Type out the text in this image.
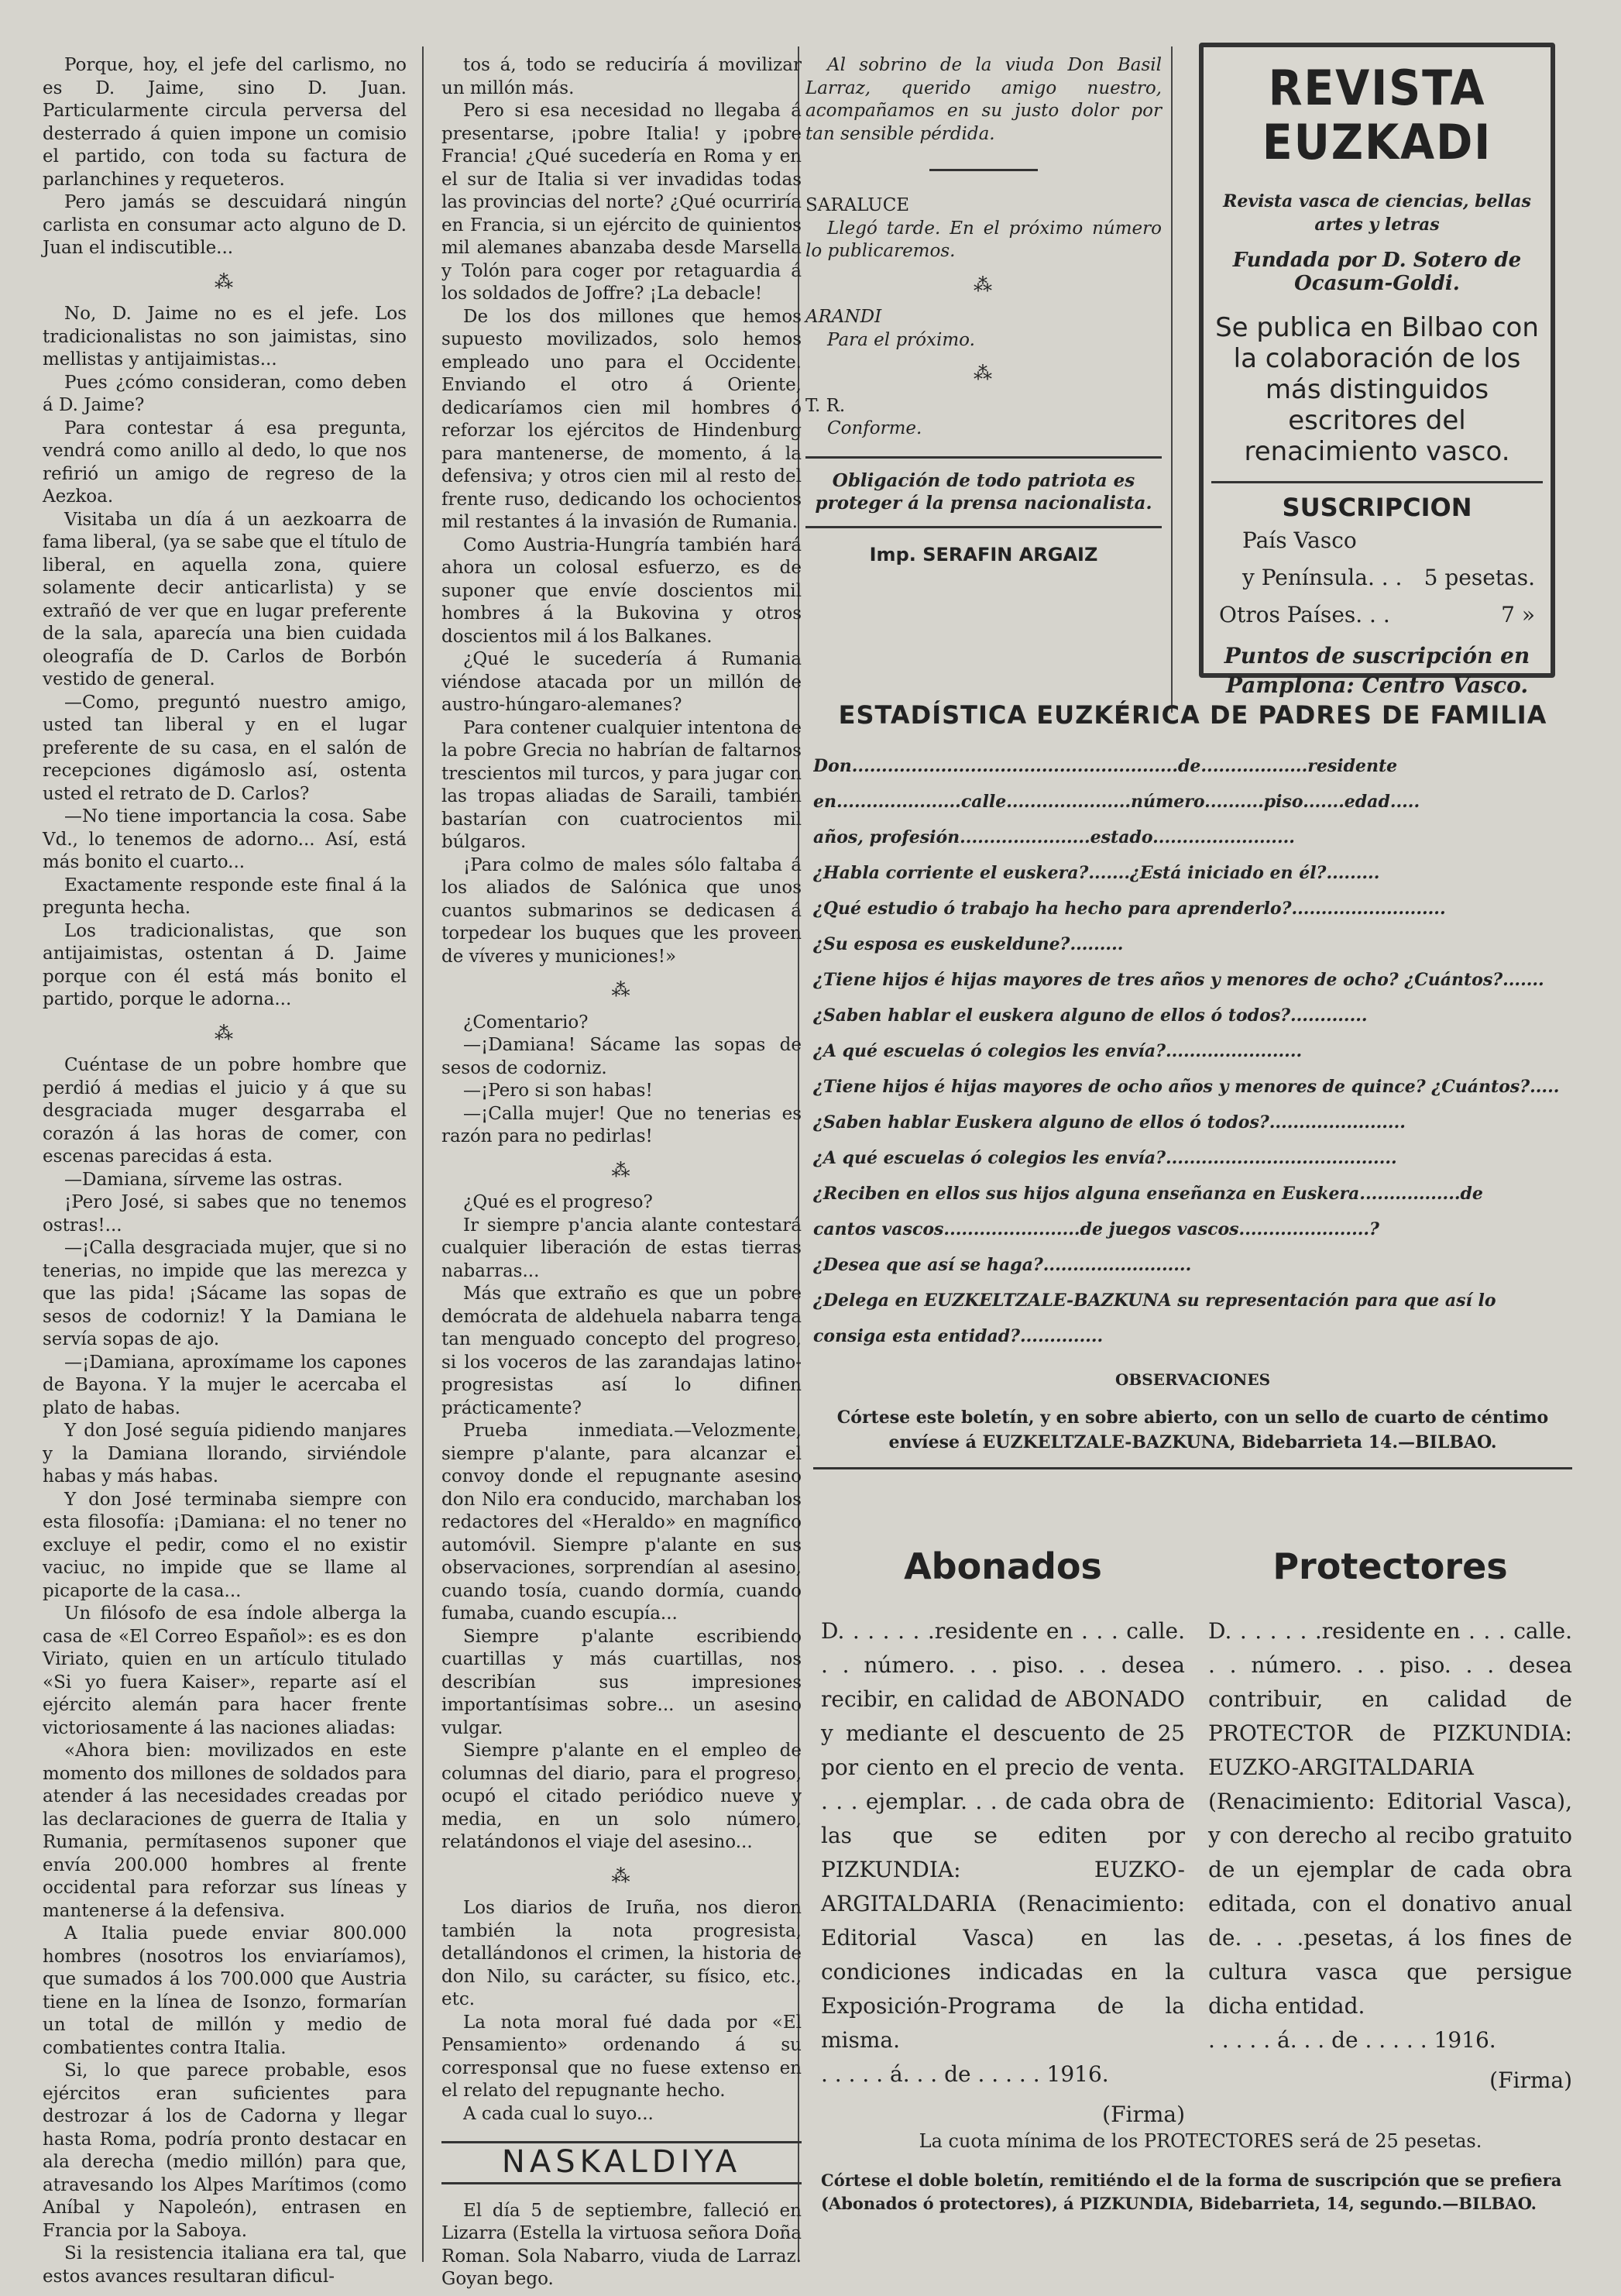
Porque, hoy, el jefe del carlismo, no es D. Jaime, sino D. Juan. Particularmente circula perversa del desterrado á quien impone un comisio el partido, con toda su factura de parlanchines y requeteros.

Pero jamás se descuidará ningún carlista en consumar acto alguno de D. Juan el indiscutible...

⁂

No, D. Jaime no es el jefe. Los tradicionalistas no son jaimistas, sino mellistas y antijaimistas...

Pues ¿cómo consideran, como deben á D. Jaime?

Para contestar á esa pregunta, vendrá como anillo al dedo, lo que nos refirió un amigo de regreso de la Aezkoa.

Visitaba un día á un aezkoarra de fama liberal, (ya se sabe que el título de liberal, en aquella zona, quiere solamente decir anticarlista) y se extrañó de ver que en lugar preferente de la sala, aparecía una bien cuidada oleografía de D. Carlos de Borbón vestido de general.

—Como, preguntó nuestro amigo, usted tan liberal y en el lugar preferente de su casa, en el salón de recepciones digámoslo así, ostenta usted el retrato de D. Carlos?

—No tiene importancia la cosa. Sabe Vd., lo tenemos de adorno... Así, está más bonito el cuarto...

Exactamente responde este final á la pregunta hecha.

Los tradicionalistas, que son antijaimistas, ostentan á D. Jaime porque con él está más bonito el partido, porque le adorna...

⁂

Cuéntase de un pobre hombre que perdió á medias el juicio y á que su desgraciada muger desgarraba el corazón á las horas de comer, con escenas parecidas á esta.

—Damiana, sírveme las ostras.

¡Pero José, si sabes que no tenemos ostras!...

—¡Calla desgraciada mujer, que si no tenerias, no impide que las merezca y que las pida! ¡Sácame las sopas de sesos de codorniz! Y la Damiana le servía sopas de ajo.

—¡Damiana, aproxímame los capones de Bayona. Y la mujer le acercaba el plato de habas.

Y don José seguía pidiendo manjares y la Damiana llorando, sirviéndole habas y más habas.

Y don José terminaba siempre con esta filosofía: ¡Damiana: el no tener no excluye el pedir, como el no existir vaciuc, no impide que se llame al picaporte de la casa...

Un filósofo de esa índole alberga la casa de «El Correo Español»: es es don Viriato, quien en un artículo titulado «Si yo fuera Kaiser», reparte así el ejército alemán para hacer frente victoriosamente á las naciones aliadas:

«Ahora bien: movilizados en este momento dos millones de soldados para atender á las necesidades creadas por las declaraciones de guerra de Italia y Rumania, permítasenos suponer que envía 200.000 hombres al frente occidental para reforzar sus líneas y mantenerse á la defensiva.

A Italia puede enviar 800.000 hombres (nosotros los enviaríamos), que sumados á los 700.000 que Austria tiene en la línea de Isonzo, formarían un total de millón y medio de combatientes contra Italia.

Si, lo que parece probable, esos ejércitos eran suficientes para destrozar á los de Cadorna y llegar hasta Roma, podría pronto destacar en ala derecha (medio millón) para que, atravesando los Alpes Marítimos (como Aníbal y Napoleón), entrasen en Francia por la Saboya.

Si la resistencia italiana era tal, que estos avances resultaran dificul-

tos á, todo se reduciría á movilizar un millón más.

Pero si esa necesidad no llegaba á presentarse, ¡pobre Italia! y ¡pobre Francia! ¿Qué sucedería en Roma y en el sur de Italia si ver invadidas todas las provincias del norte? ¿Qué ocurriría en Francia, si un ejército de quinientos mil alemanes abanzaba desde Marsella y Tolón para coger por retaguardia á los soldados de Joffre? ¡La debacle!

De los dos millones que hemos supuesto movilizados, solo hemos empleado uno para el Occidente. Enviando el otro á Oriente, dedicaríamos cien mil hombres ó reforzar los ejércitos de Hindenburg para mantenerse, de momento, á la defensiva; y otros cien mil al resto del frente ruso, dedicando los ochocientos mil restantes á la invasión de Rumania.

Como Austria-Hungría también hará ahora un colosal esfuerzo, es de suponer que envíe doscientos mil hombres á la Bukovina y otros doscientos mil á los Balkanes.

¿Qué le sucedería á Rumania viéndose atacada por un millón de austro-húngaro-alemanes?

Para contener cualquier intentona de la pobre Grecia no habrían de faltarnos trescientos mil turcos, y para jugar con las tropas aliadas de Saraili, también bastarían con cuatrocientos mil búlgaros.

¡Para colmo de males sólo faltaba á los aliados de Salónica que unos cuantos submarinos se dedicasen á torpedear los buques que les proveen de víveres y municiones!»

⁂

¿Comentario?

—¡Damiana! Sácame las sopas de sesos de codorniz.

—¡Pero si son habas!

—¡Calla mujer! Que no tenerias es razón para no pedirlas!

⁂

¿Qué es el progreso?

Ir siempre p'ancia alante contestará cualquier liberación de estas tierras nabarras...

Más que extraño es que un pobre demócrata de aldehuela nabarra tenga tan menguado concepto del progreso, si los voceros de las zarandajas latino-progresistas así lo difinen prácticamente?

Prueba inmediata.—Velozmente, siempre p'alante, para alcanzar el convoy donde el repugnante asesino don Nilo era conducido, marchaban los redactores del «Heraldo» en magnífico automóvil. Siempre p'alante en sus observaciones, sorprendían al asesino, cuando tosía, cuando dormía, cuando fumaba, cuando escupía...

Siempre p'alante escribiendo cuartillas y más cuartillas, nos describían sus impresiones importantísimas sobre... un asesino vulgar.

Siempre p'alante en el empleo de columnas del diario, para el progreso, ocupó el citado periódico nueve y media, en un solo número, relatándonos el viaje del asesino...

⁂

Los diarios de Iruña, nos dieron también la nota progresista, detallándonos el crimen, la historia de don Nilo, su carácter, su físico, etc., etc.

La nota moral fué dada por «El Pensamiento» ordenando á su corresponsal que no fuese extenso en el relato del repugnante hecho.

A cada cual lo suyo...

NASKALDIYA

El día 5 de septiembre, falleció en Lizarra (Estella la virtuosa señora Doña Roman. Sola Nabarro, viuda de Larraz. Goyan bego.

Al sobrino de la viuda Don Basil Larraz, querido amigo nuestro, acompañamos en su justo dolor por tan sensible pérdida.

SARALUCE

Llegó tarde. En el próximo número lo publicaremos.

⁂
ARANDI

Para el próximo.

⁂
T. R.

Conforme.

Obligación de todo patriota es proteger á la prensa nacionalista.

Imp. SERAFIN ARGAIZ
REVISTA EUZKADI
Revista vasca de ciencias, bellas artes y letras
Fundada por D. Sotero de Ocasum-Goldi.
Se publica en Bilbao con la colaboración de los más distinguidos escritores del renacimiento vasco.
SUSCRIPCION
País Vasco
y Península. . . 5 pesetas.
Otros Países. . .	7 »
Puntos de suscripción en Pamplona: Centro Vasco.
ESTADÍSTICA EUZKÉRICA DE PADRES DE FAMILIA
Don.......................................................de..................residente
en.....................calle.....................número..........piso.......edad.....
años, profesión......................estado........................
¿Habla corriente el euskera?.......¿Está iniciado en él?.........
¿Qué estudio ó trabajo ha hecho para aprenderlo?..........................
¿Su esposa es euskeldune?.........
¿Tiene hijos é hijas mayores de tres años y menores de ocho? ¿Cuántos?.......
¿Saben hablar el euskera alguno de ellos ó todos?.............
¿A qué escuelas ó colegios les envía?.......................
¿Tiene hijos é hijas mayores de ocho años y menores de quince? ¿Cuántos?.....
¿Saben hablar Euskera alguno de ellos ó todos?.......................
¿A qué escuelas ó colegios les envía?.......................................
¿Reciben en ellos sus hijos alguna enseñanza en Euskera.................de
cantos vascos.......................de juegos vascos......................?
¿Desea que así se haga?.........................
¿Delega en EUZKELTZALE-BAZKUNA su representación para que así lo
consiga esta entidad?..............
OBSERVACIONES
Córtese este boletín, y en sobre abierto, con un sello de cuarto de céntimo envíese á EUZKELTZALE-BAZKUNA, Bidebarrieta 14.—BILBAO.
Abonados
D. . . . . . .residente en . . . calle. . . número. . . piso. . . desea recibir, en calidad de ABONADO y mediante el descuento de 25 por ciento en el precio de venta. . . . ejemplar. . . de cada obra de las que se editen por PIZKUNDIA: EUZKO-ARGITALDARIA (Renacimiento: Editorial Vasca) en las condiciones indicadas en la Exposición-Programa de la misma.
. . . . . á. . . de . . . . . 1916.
(Firma)
Protectores
D. . . . . . .residente en . . . calle. . . número. . . piso. . . desea contribuir, en calidad de PROTECTOR de PIZKUNDIA: EUZKO-ARGITALDARIA (Renacimiento: Editorial Vasca), y con derecho al recibo gratuito de un ejemplar de cada obra editada, con el donativo anual de. . . .pesetas, á los fines de cultura vasca que persigue dicha entidad.
. . . . . á. . . de . . . . . 1916.
(Firma)
La cuota mínima de los PROTECTORES será de 25 pesetas.
Córtese el doble boletín, remitiéndo el de la forma de suscripción que se prefiera (Abonados ó protectores), á PIZKUNDIA, Bidebarrieta, 14, segundo.—BILBAO.
